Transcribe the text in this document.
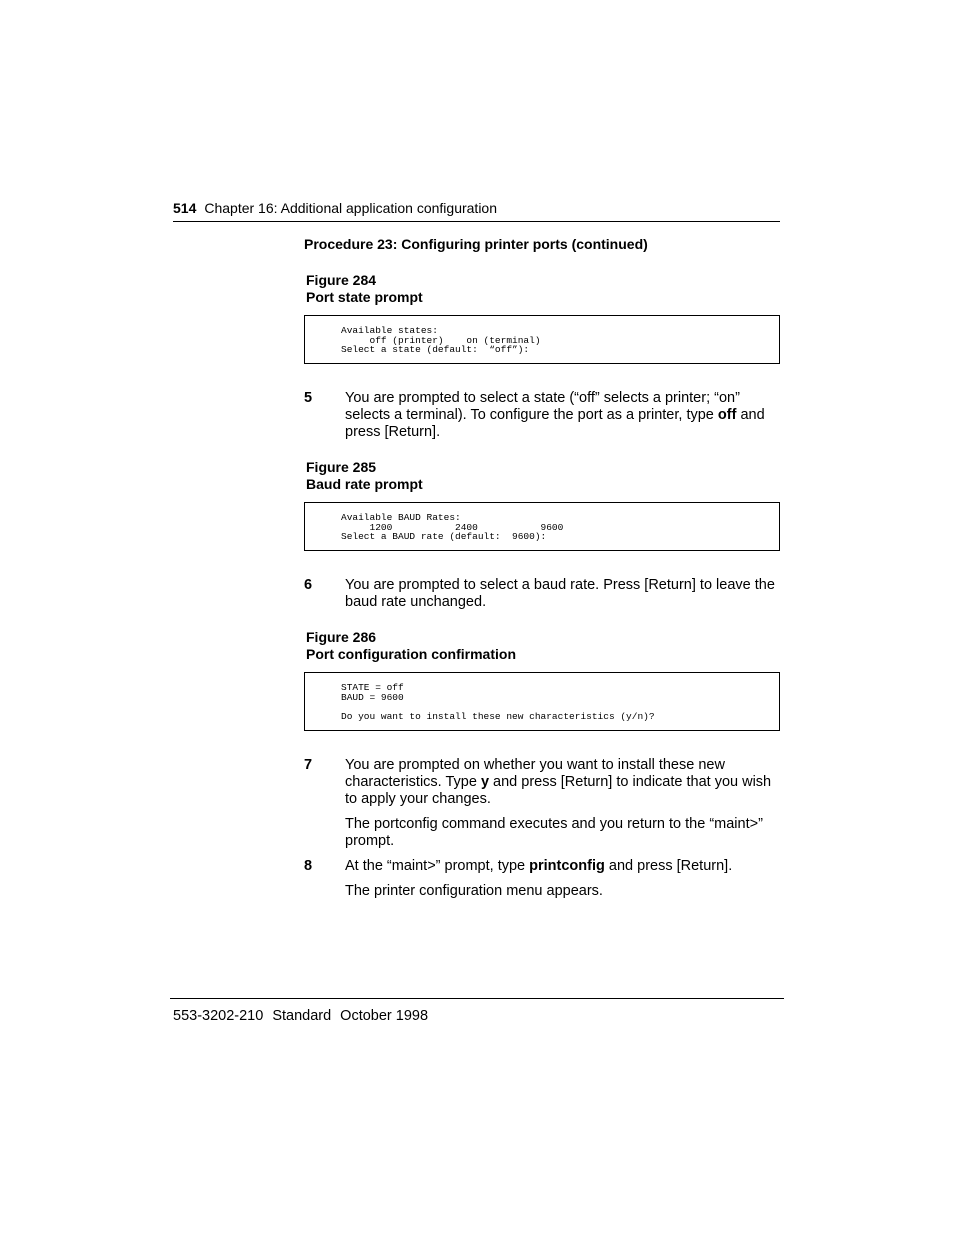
514 Chapter 16: Additional application configuration
Procedure 23: Configuring printer ports (continued)
Figure 284
Port state prompt
Available states:
off (printer)    on (terminal)
Select a state (default:  “off”):
5 You are prompted to select a state (“off” selects a printer; “on” selects a terminal). To configure the port as a printer, type off and press [Return].

Figure 285
Baud rate prompt
Available BAUD Rates:
1200           2400           9600
Select a BAUD rate (default:  9600):
6 You are prompted to select a baud rate. Press [Return] to leave the baud rate unchanged.

Figure 286
Port configuration confirmation
STATE = off
BAUD = 9600

Do you want to install these new characteristics (y/n)?
7 You are prompted on whether you want to install these new characteristics. Type y and press [Return] to indicate that you wish to apply your changes.

The portconfig command executes and you return to the “maint>” prompt.

8 At the “maint>” prompt, type printconfig and press [Return].

The printer configuration menu appears.

553-3202-210 Standard October 1998
